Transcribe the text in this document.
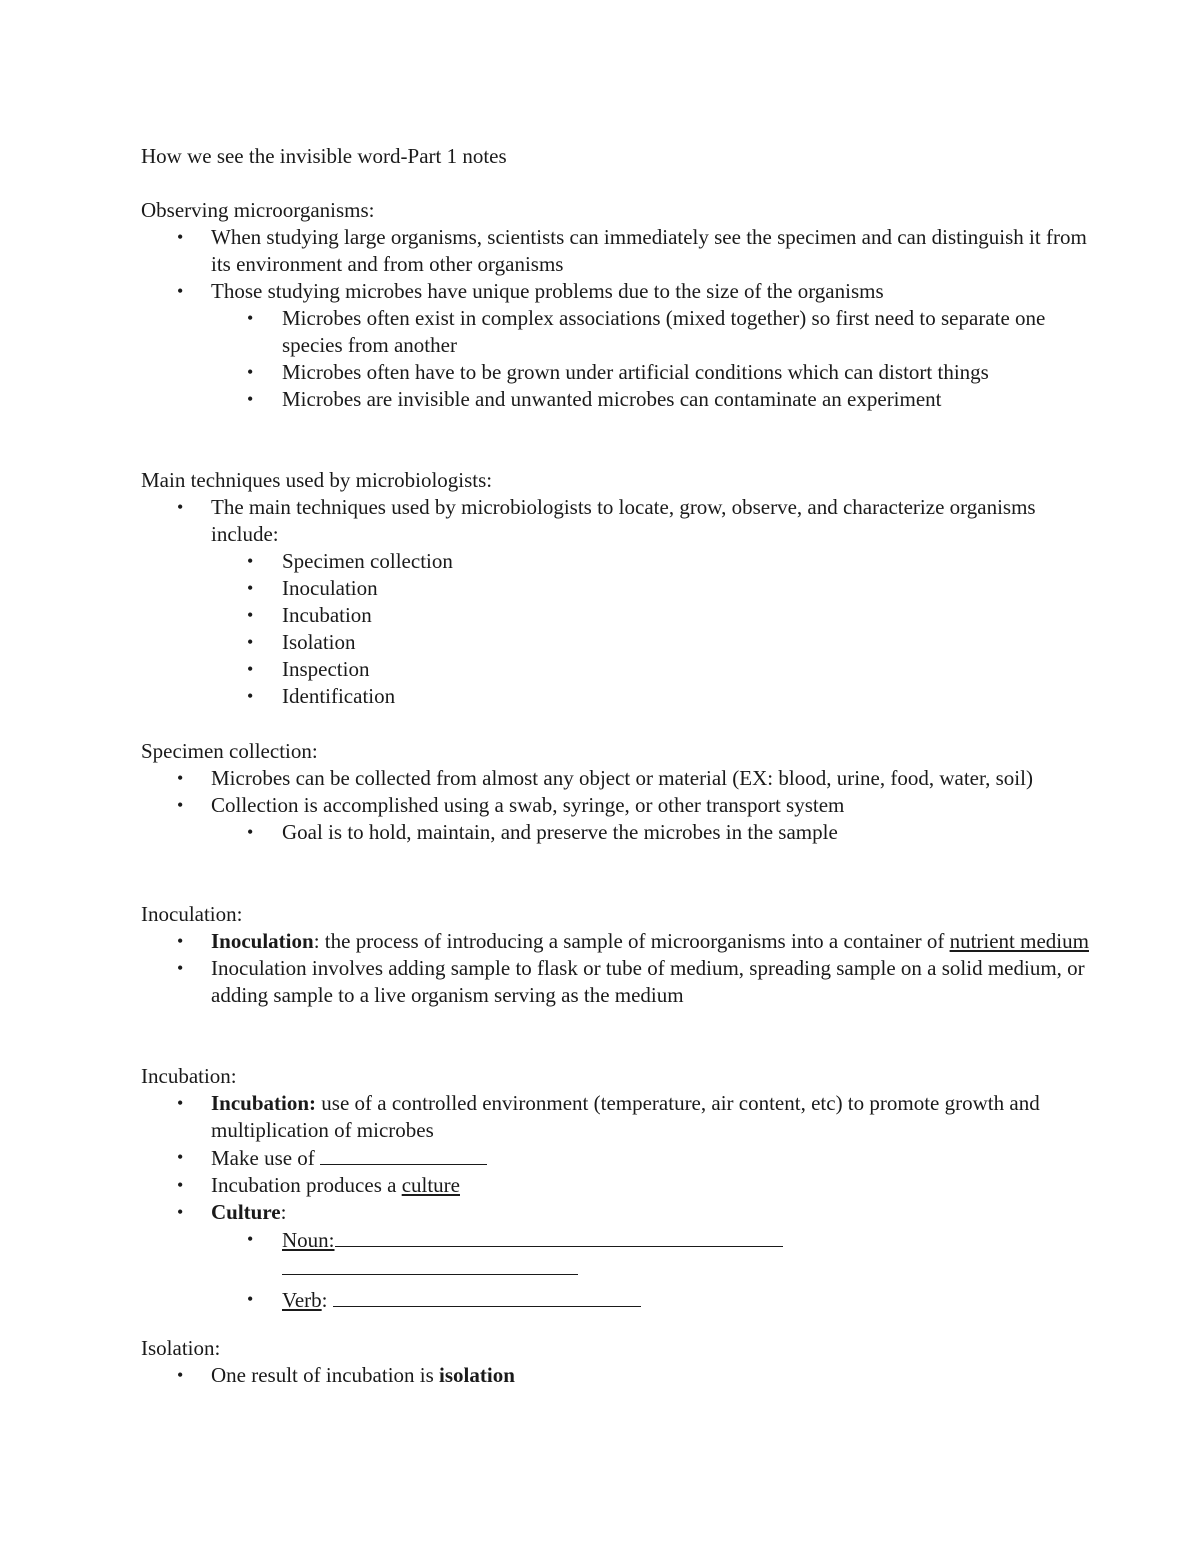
How we see the invisible word-Part 1 notes
Observing microorganisms:
• When studying large organisms, scientists can immediately see the specimen and can distinguish it from its environment and from other organisms
• Those studying microbes have unique problems due to the size of the organisms
• Microbes often exist in complex associations (mixed together) so first need to separate one species from another
• Microbes often have to be grown under artificial conditions which can distort things
• Microbes are invisible and unwanted microbes can contaminate an experiment
Main techniques used by microbiologists:
• The main techniques used by microbiologists to locate, grow, observe, and characterize organisms include:
• Specimen collection
• Inoculation
• Incubation
• Isolation
• Inspection
• Identification
Specimen collection:
• Microbes can be collected from almost any object or material (EX: blood, urine, food, water, soil)
• Collection is accomplished using a swab, syringe, or other transport system
• Goal is to hold, maintain, and preserve the microbes in the sample
Inoculation:
• Inoculation: the process of introducing a sample of microorganisms into a container of nutrient medium
• Inoculation involves adding sample to flask or tube of medium, spreading sample on a solid medium, or adding sample to a live organism serving as the medium
Incubation:
• Incubation: use of a controlled environment (temperature, air content, etc) to promote growth and multiplication of microbes
• Make use of
• Incubation produces a culture
• Culture:
• Noun:

• Verb:
Isolation:
• One result of incubation is isolation
